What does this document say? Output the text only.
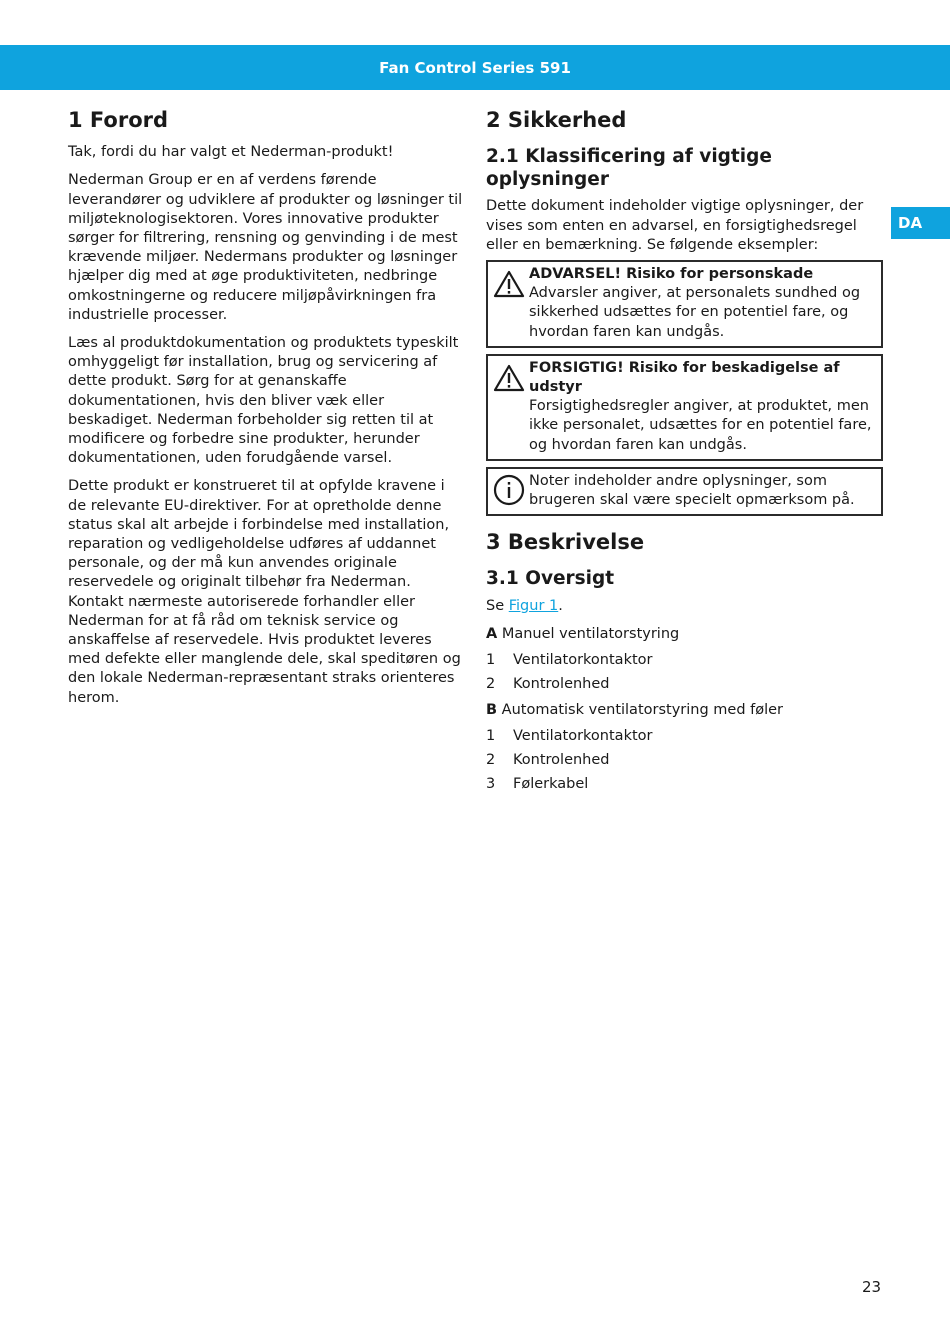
Fan Control Series 591
DA
1 Forord

Tak, fordi du har valgt et Nederman-produkt!

Nederman Group er en af verdens førende leverandører og udviklere af produkter og løsninger til miljøteknologisektoren. Vores innovative produkter sørger for filtrering, rensning og genvinding i de mest krævende miljøer. Nedermans produkter og løsninger hjælper dig med at øge produktiviteten, nedbringe omkostningerne og reducere miljøpåvirkningen fra industrielle processer.

Læs al produktdokumentation og produktets typeskilt omhyggeligt før installation, brug og servicering af dette produkt. Sørg for at genanskaffe dokumentationen, hvis den bliver væk eller beskadiget. Nederman forbeholder sig retten til at modificere og forbedre sine produkter, herunder dokumentationen, uden forudgående varsel.

Dette produkt er konstrueret til at opfylde kravene i de relevante EU-direktiver. For at opretholde denne status skal alt arbejde i forbindelse med installation, reparation og vedligeholdelse udføres af uddannet personale, og der må kun anvendes originale reservedele og originalt tilbehør fra Nederman. Kontakt nærmeste autoriserede forhandler eller Nederman for at få råd om teknisk service og anskaffelse af reservedele. Hvis produktet leveres med defekte eller manglende dele, skal speditøren og den lokale Nederman-repræsentant straks orienteres herom.

2 Sikkerhed
2.1 Klassificering af vigtige oplysninger

Dette dokument indeholder vigtige oplysninger, der vises som enten en advarsel, en forsigtighedsregel eller en bemærkning. Se følgende eksempler:

ADVARSEL! Risiko for personskade
Advarsler angiver, at personalets sundhed og sikkerhed udsættes for en potentiel fare, og hvordan faren kan undgås.
FORSIGTIG! Risiko for beskadigelse af udstyr
Forsigtighedsregler angiver, at produktet, men ikke personalet, udsættes for en potentiel fare, og hvordan faren kan undgås.
Noter indeholder andre oplysninger, som brugeren skal være specielt opmærksom på.
3 Beskrivelse
3.1 Oversigt

Se Figur 1.

A Manuel ventilatorstyring

1	Ventilatorkontaktor
2	Kontrolenhed

B Automatisk ventilatorstyring med føler

1	Ventilatorkontaktor
2	Kontrolenhed
3	Følerkabel
23
